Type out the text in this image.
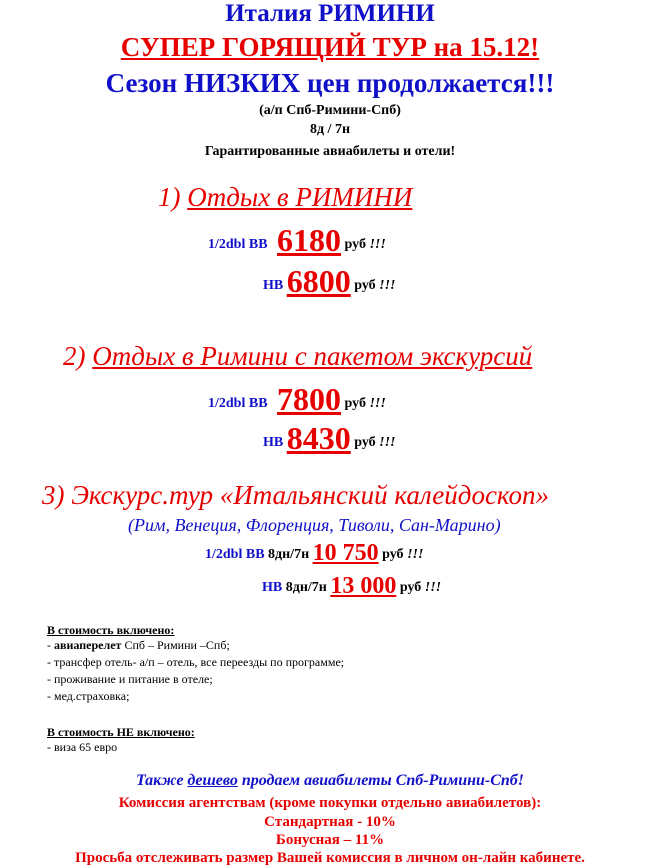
Италия РИМИНИ
СУПЕР ГОРЯЩИЙ ТУР на 15.12!
Сезон НИЗКИХ цен продолжается!!!
(а/п Спб-Римини-Спб)
8д / 7н
Гарантированные авиабилеты и отели!
1) Отдых в РИМИНИ
1/2dbl BB 6180 руб !!!
HB 6800 руб !!!
2) Отдых в Римини с пакетом экскурсий
1/2dbl BB 7800 руб !!!
HB 8430 руб !!!
3) Экскурс.тур «Итальянский калейдоскоп»
(Рим, Венеция, Флоренция, Тиволи, Сан-Марино)
1/2dbl BB 8дн/7н 10 750 руб !!!
HB 8дн/7н 13 000 руб !!!
В стоимость включено:
- авиаперелет Спб – Римини –Спб;
- трансфер отель- а/п – отель, все переезды по программе;
- проживание и питание в отеле;
- мед.страховка;
В стоимость НЕ включено:
- виза 65 евро
Также дешево продаем авиабилеты Спб-Римини-Спб!
Комиссия агентствам (кроме покупки отдельно авиабилетов):
Стандартная - 10%
Бонусная – 11%
Просьба отслеживать размер Вашей комиссия в личном он-лайн кабинете.
